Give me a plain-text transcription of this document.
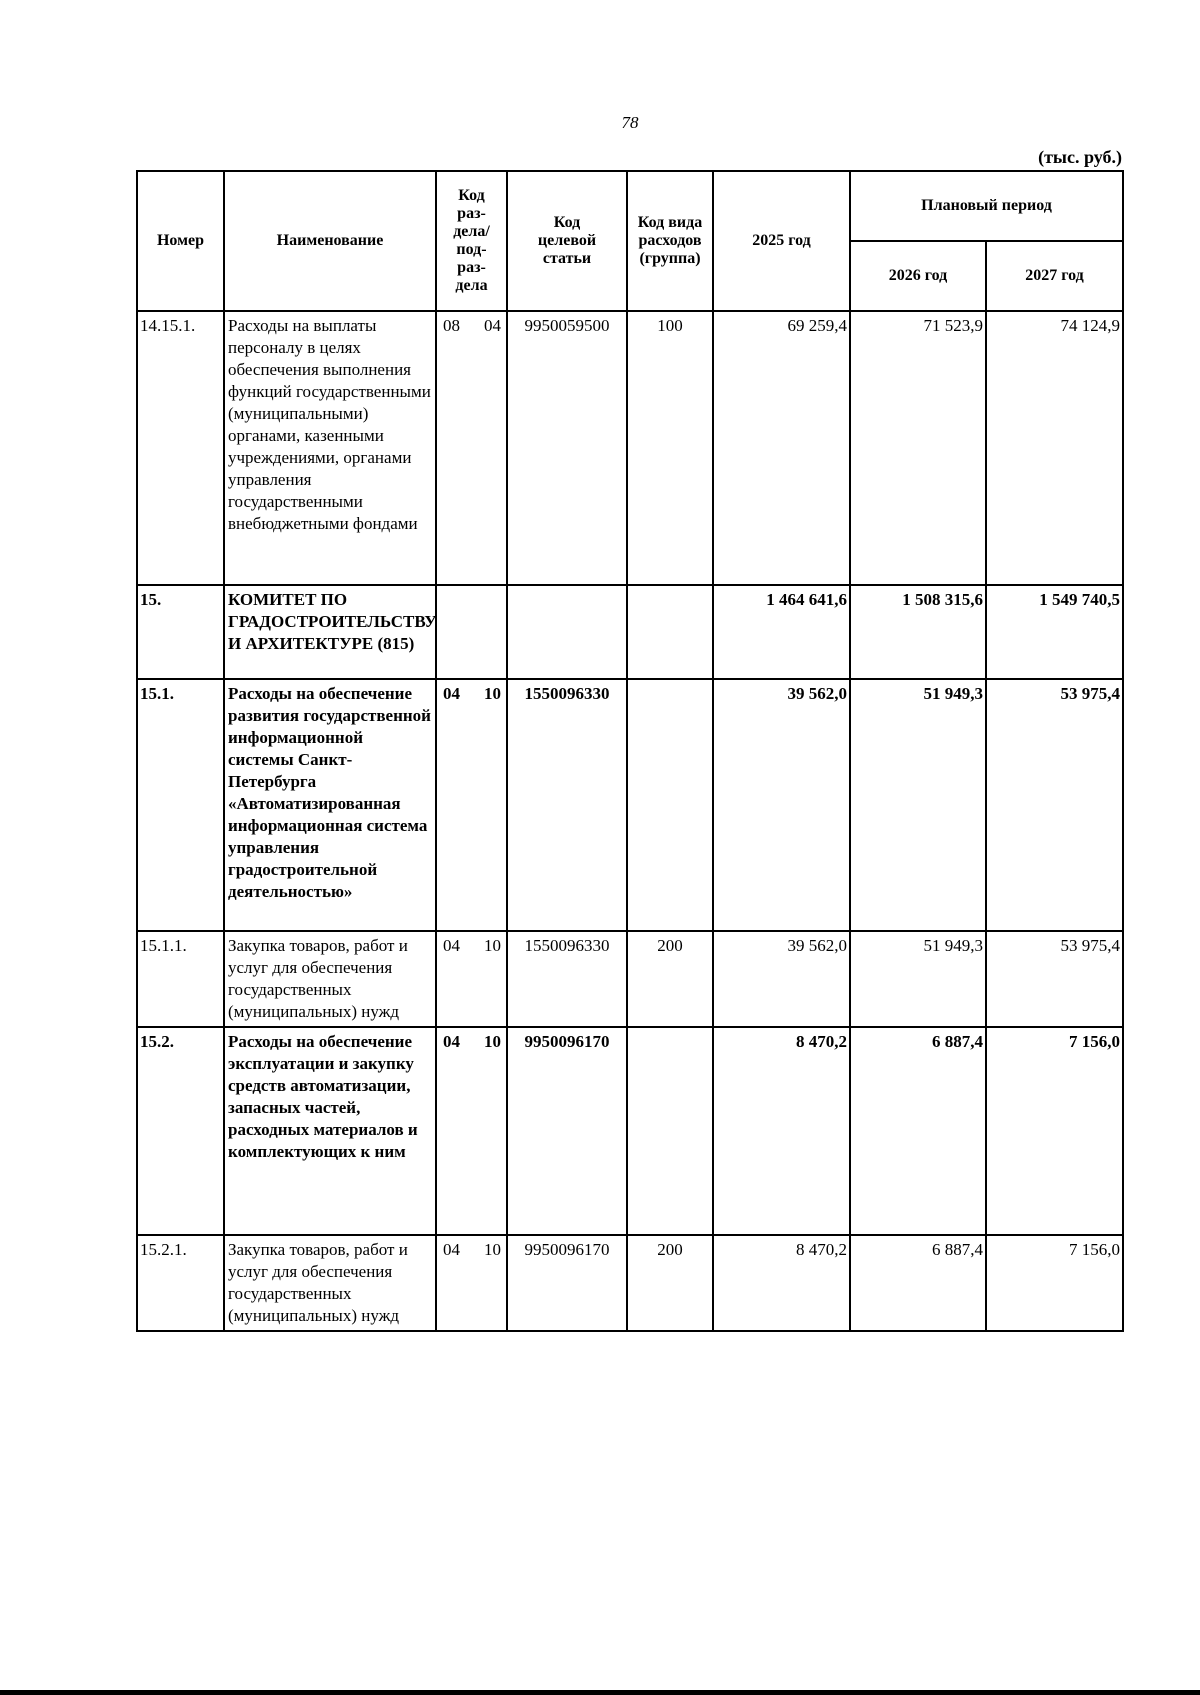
78
(тыс. руб.)
Номер	Наименование	Код раз-дела/ под-раз-дела	Код целевой статьи	Код вида расходов (группа)	2025 год	Плановый период	
						2026 год	2027 год
14.15.1.	Расходы на выплаты персоналу в целях обеспечения выполнения функций государственными (муниципальными) органами, казенными учреждениями, органами управления государственными внебюджетными фондами	08 04	9950059500	100	69 259,4	71 523,9	74 124,9
15.	КОМИТЕТ ПО ГРАДОСТРОИТЕЛЬСТВУ И АРХИТЕКТУРЕ (815)				1 464 641,6	1 508 315,6	1 549 740,5
15.1.	Расходы на обеспечение развития государственной информационной системы Санкт-Петербурга «Автоматизированная информационная система управления градостроительной деятельностью»	04 10	1550096330		39 562,0	51 949,3	53 975,4
15.1.1.	Закупка товаров, работ и услуг для обеспечения государственных (муниципальных) нужд	04 10	1550096330	200	39 562,0	51 949,3	53 975,4
15.2.	Расходы на обеспечение эксплуатации и закупку средств автоматизации, запасных частей, расходных материалов и комплектующих к ним	04 10	9950096170		8 470,2	6 887,4	7 156,0
15.2.1.	Закупка товаров, работ и услуг для обеспечения государственных (муниципальных) нужд	04 10	9950096170	200	8 470,2	6 887,4	7 156,0
